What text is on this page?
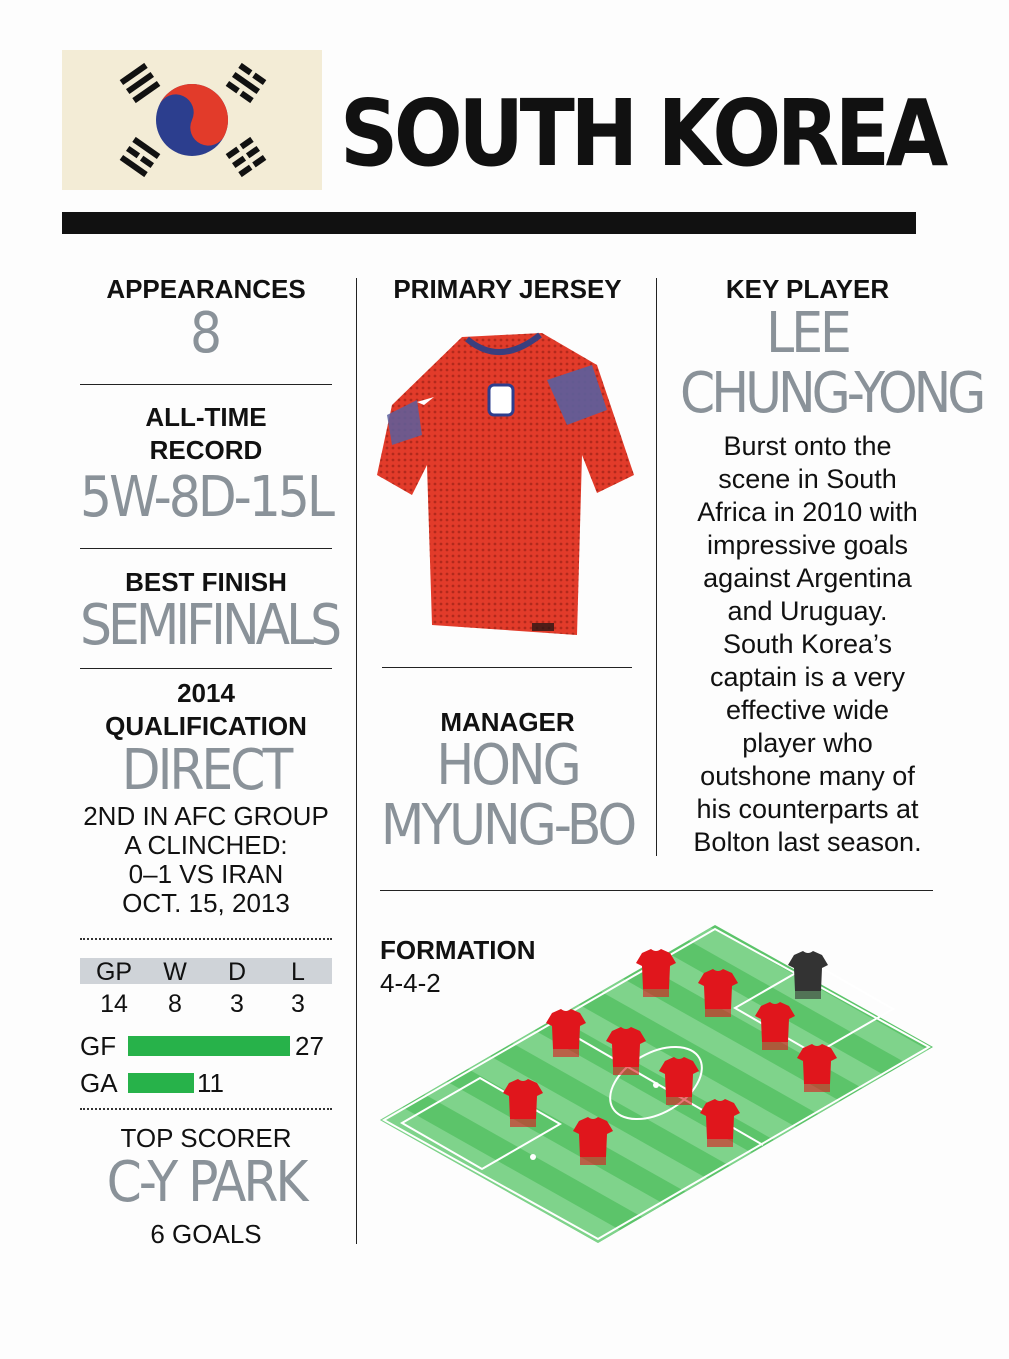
SOUTH KOREA
APPEARANCES
8
ALL-TIME
RECORD
5W-8D-15L
BEST FINISH
SEMIFINALS
2014
QUALIFICATION
DIRECT
2ND IN AFC GROUP
A CLINCHED:
0–1 VS IRAN
OCT. 15, 2013
GP	W	D	L
14	8	3	3
GF	27
GA	11
TOP SCORER
C-Y PARK
6 GOALS
PRIMARY JERSEY
MANAGER
HONG
MYUNG-BO
KEY PLAYER
LEE
CHUNG-YONG
Burst onto the
scene in South
Africa in 2010 with
impressive goals
against Argentina
and Uruguay.
South Korea’s
captain is a very
effective wide
player who
outshone many of
his counterparts at
Bolton last season.
FORMATION
4-4-2
